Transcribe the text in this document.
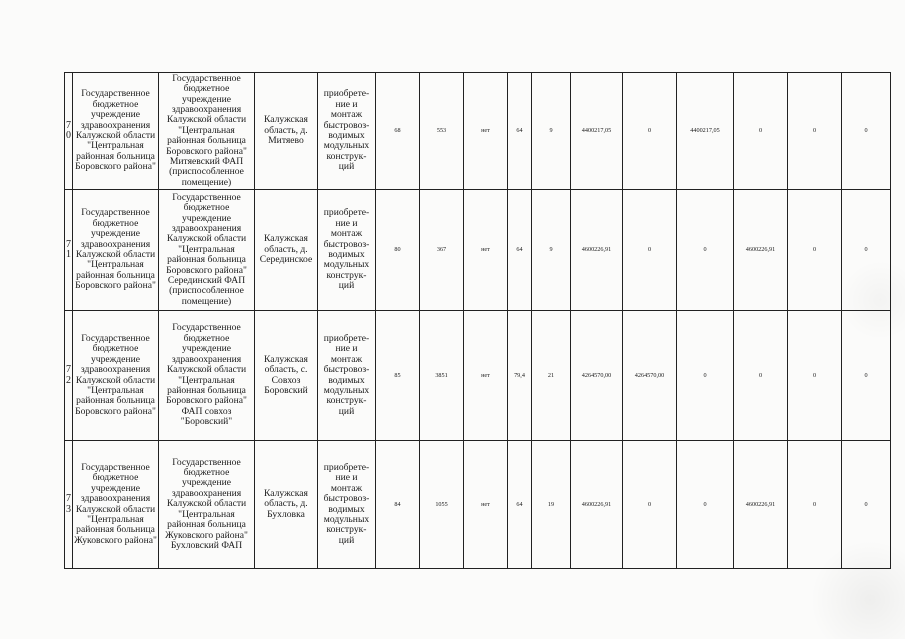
70	Государственное бюджетное учреждение здравоохранения Калужской области "Центральная районная больница Боровского района"	Государственное бюджетное учреждение здравоохранения Калужской области "Центральная районная больница Боровского района" Митяевский ФАП (приспособленное помещение)	Калужская область, д. Митяево	приобрете-ние и монтаж быстровоз-водимых модульных конструк-ций	68	553	нет	64	9	4400217,05	0	4400217,05	0	0	0
71	Государственное бюджетное учреждение здравоохранения Калужской области "Центральная районная больница Боровского района"	Государственное бюджетное учреждение здравоохранения Калужской области "Центральная районная больница Боровского района" Серединский ФАП (приспособленное помещение)	Калужская область, д. Серединское	приобрете-ние и монтаж быстровоз-водимых модульных конструк-ций	80	367	нет	64	9	4600226,91	0	0	4600226,91	0	0
72	Государственное бюджетное учреждение здравоохранения Калужской области "Центральная районная больница Боровского района"	Государственное бюджетное учреждение здравоохранения Калужской области "Центральная районная больница Боровского района" ФАП совхоз "Боровский"	Калужская область, с. Совхоз Боровский	приобрете-ние и монтаж быстровоз-водимых модульных конструк-ций	85	3851	нет	79,4	21	4264570,00	4264570,00	0	0	0	0
73	Государственное бюджетное учреждение здравоохранения Калужской области "Центральная районная больница Жуковского района"	Государственное бюджетное учреждение здравоохранения Калужской области "Центральная районная больница Жуковского района" Бухловский ФАП	Калужская область, д. Бухловка	приобрете-ние и монтаж быстровоз-водимых модульных конструк-ций	84	1055	нет	64	19	4600226,91	0	0	4600226,91	0	0
